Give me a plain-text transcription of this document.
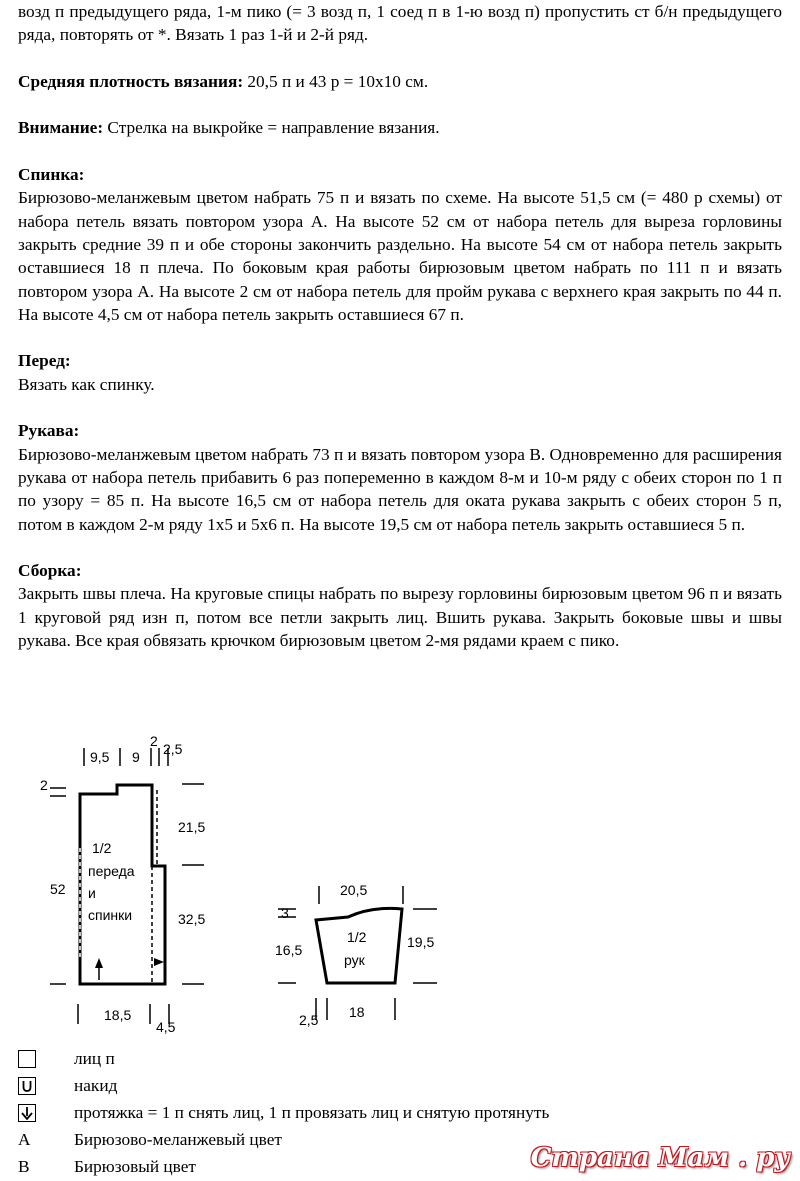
возд п предыдущего ряда, 1-м пико (= 3 возд п, 1 соед п в 1-ю возд п) пропустить ст б/н предыдущего ряда, повторять от *. Вязать 1 раз 1-й и 2-й ряд.

Средняя плотность вязания: 20,5 п и 43 р = 10х10 см.

Внимание: Стрелка на выкройке = направление вязания.

Спинка:

Бирюзово-меланжевым цветом набрать 75 п и вязать по схеме. На высоте 51,5 см (= 480 р схемы) от набора петель вязать повтором узора A. На высоте 52 см от набора петель для выреза горловины закрыть средние 39 п и обе стороны закончить раздельно. На высоте 54 см от набора петель закрыть оставшиеся 18 п плеча. По боковым края работы бирюзовым цветом набрать по 111 п и вязать повтором узора A. На высоте 2 см от набора петель для пройм рукава с верхнего края закрыть по 44 п. На высоте 4,5 см от набора петель закрыть оставшиеся 67 п.

Перед:

Вязать как спинку.

Рукава:

Бирюзово-меланжевым цветом набрать 73 п и вязать повтором узора B. Одновременно для расширения рукава от набора петель прибавить 6 раз попеременно в каждом 8-м и 10-м ряду с обеих сторон по 1 п по узору = 85 п. На высоте 16,5 см от набора петель для оката рукава закрыть с обеих сторон 5 п, потом в каждом 2-м ряду 1х5 и 5х6 п. На высоте 19,5 см от набора петель закрыть оставшиеся 5 п.

Сборка:

Закрыть швы плеча. На круговые спицы набрать по вырезу горловины бирюзовым цветом 96 п и вязать 1 круговой ряд изн п, потом все петли закрыть лиц. Вшить рукава. Закрыть боковые швы и швы рукава. Все края обвязать крючком бирюзовым цветом 2-мя рядами краем с пико.

9,5 9
2 2,5
2
21,5
52
32,5
18,5
4,5
1/2
переда
и
спинки
20,5
3
16,5	19,5
2,5 18
1/2
рук
лиц п
накид
протяжка = 1 п снять лиц, 1 п провязать лиц и снятую протянуть
A	Бирюзово-меланжевый цвет
B	Бирюзовый цвет	Страна Мам . ру
